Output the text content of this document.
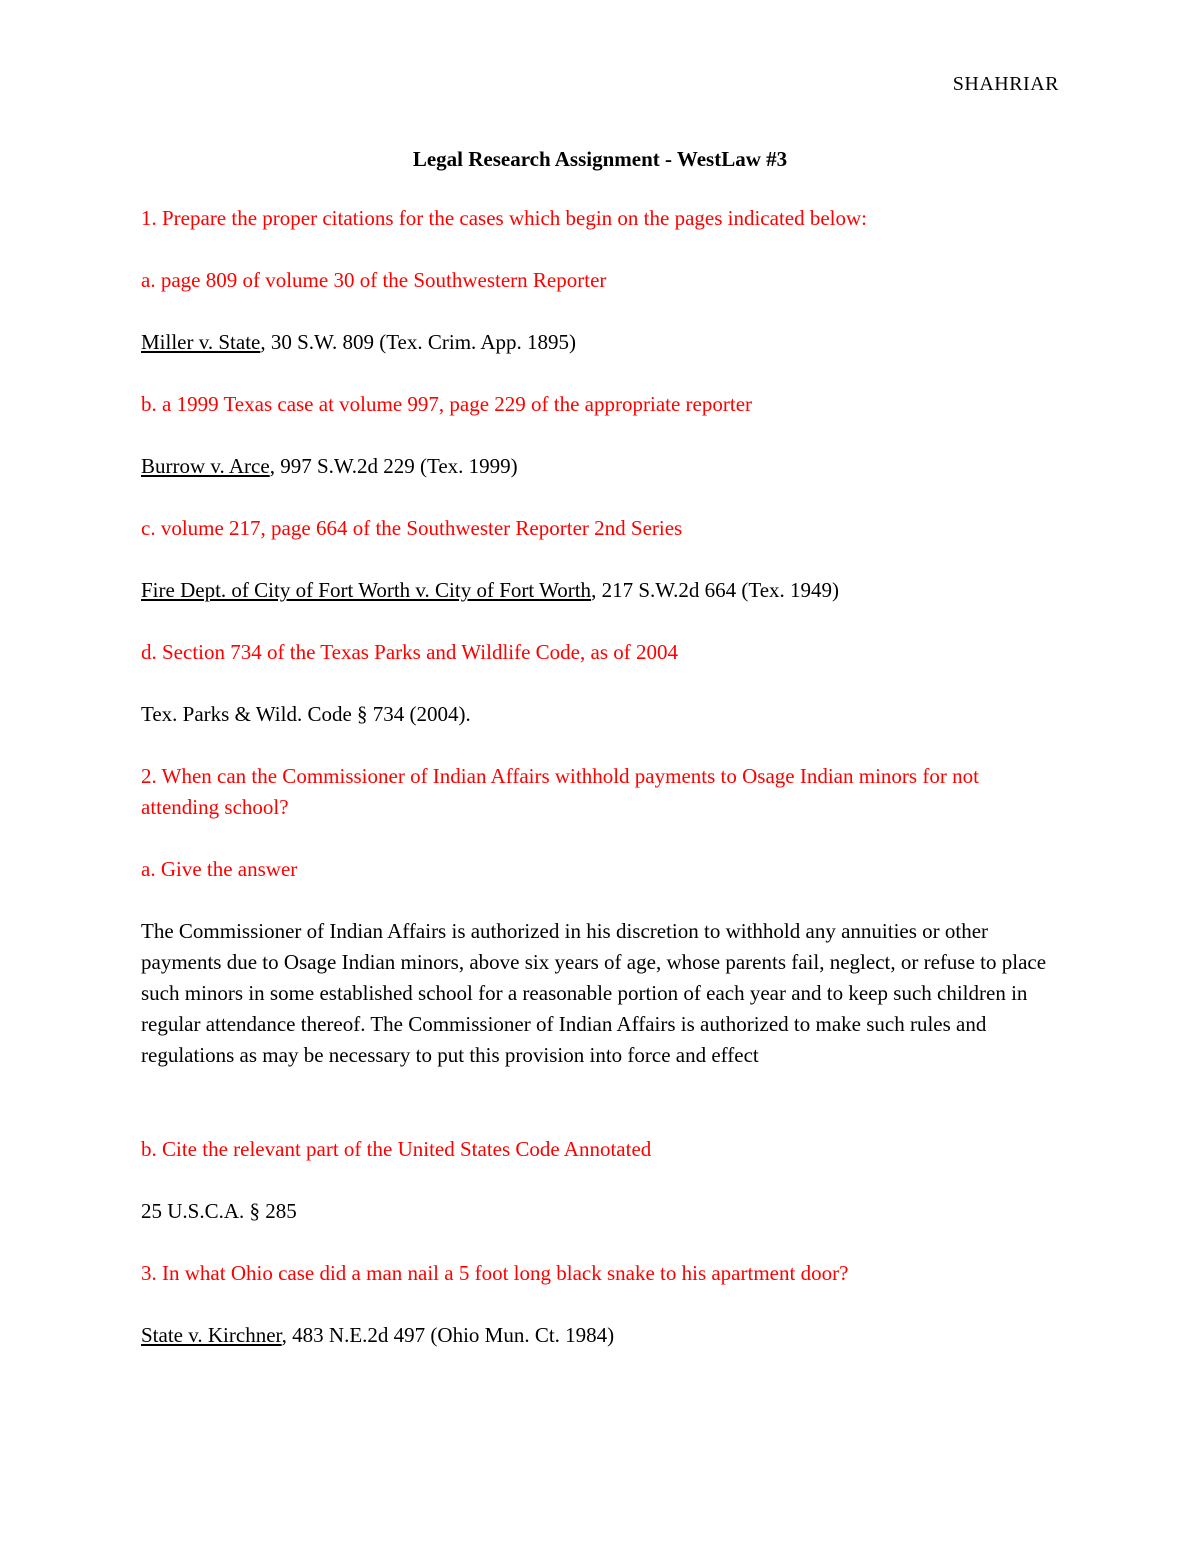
SHAHRIAR
Legal Research Assignment - WestLaw #3
1. Prepare the proper citations for the cases which begin on the pages indicated below:
a. page 809 of volume 30 of the Southwestern Reporter
Miller v. State, 30 S.W. 809 (Tex. Crim. App. 1895)
b. a 1999 Texas case at volume 997, page 229 of the appropriate reporter
Burrow v. Arce, 997 S.W.2d 229 (Tex. 1999)
c. volume 217, page 664 of the Southwester Reporter 2nd Series
Fire Dept. of City of Fort Worth v. City of Fort Worth, 217 S.W.2d 664 (Tex. 1949)
d. Section 734 of the Texas Parks and Wildlife Code, as of 2004
Tex. Parks & Wild. Code § 734 (2004).
2. When can the Commissioner of Indian Affairs withhold payments to Osage Indian minors for not attending school?
a. Give the answer
The Commissioner of Indian Affairs is authorized in his discretion to withhold any annuities or other payments due to Osage Indian minors, above six years of age, whose parents fail, neglect, or refuse to place such minors in some established school for a reasonable portion of each year and to keep such children in regular attendance thereof. The Commissioner of Indian Affairs is authorized to make such rules and regulations as may be necessary to put this provision into force and effect
b. Cite the relevant part of the United States Code Annotated
25 U.S.C.A. § 285
3. In what Ohio case did a man nail a 5 foot long black snake to his apartment door?
State v. Kirchner, 483 N.E.2d 497 (Ohio Mun. Ct. 1984)
